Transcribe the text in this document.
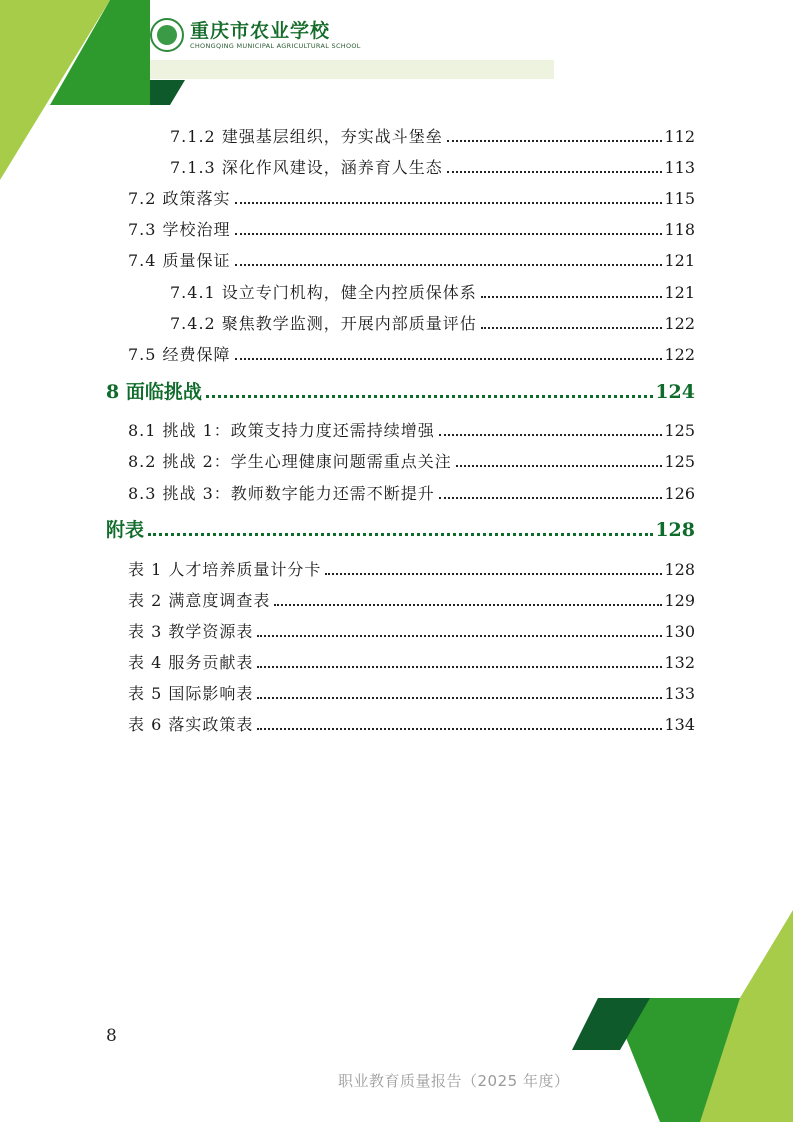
重庆市农业学校
CHONGQING MUNICIPAL AGRICULTURAL SCHOOL
7.1.2 建强基层组织，夯实战斗堡垒	112
7.1.3 深化作风建设，涵养育人生态	113
7.2 政策落实	115
7.3 学校治理	118
7.4 质量保证	121
7.4.1 设立专门机构，健全内控质保体系	121
7.4.2 聚焦教学监测，开展内部质量评估	122
7.5 经费保障	122
8 面临挑战	124
8.1 挑战 1：政策支持力度还需持续增强	125
8.2 挑战 2：学生心理健康问题需重点关注	125
8.3 挑战 3：教师数字能力还需不断提升	126
附表	128
表 1 人才培养质量计分卡	128
表 2 满意度调查表	129
表 3 教学资源表	130
表 4 服务贡献表	132
表 5 国际影响表	133
表 6 落实政策表	134
8
职业教育质量报告（2025 年度）
